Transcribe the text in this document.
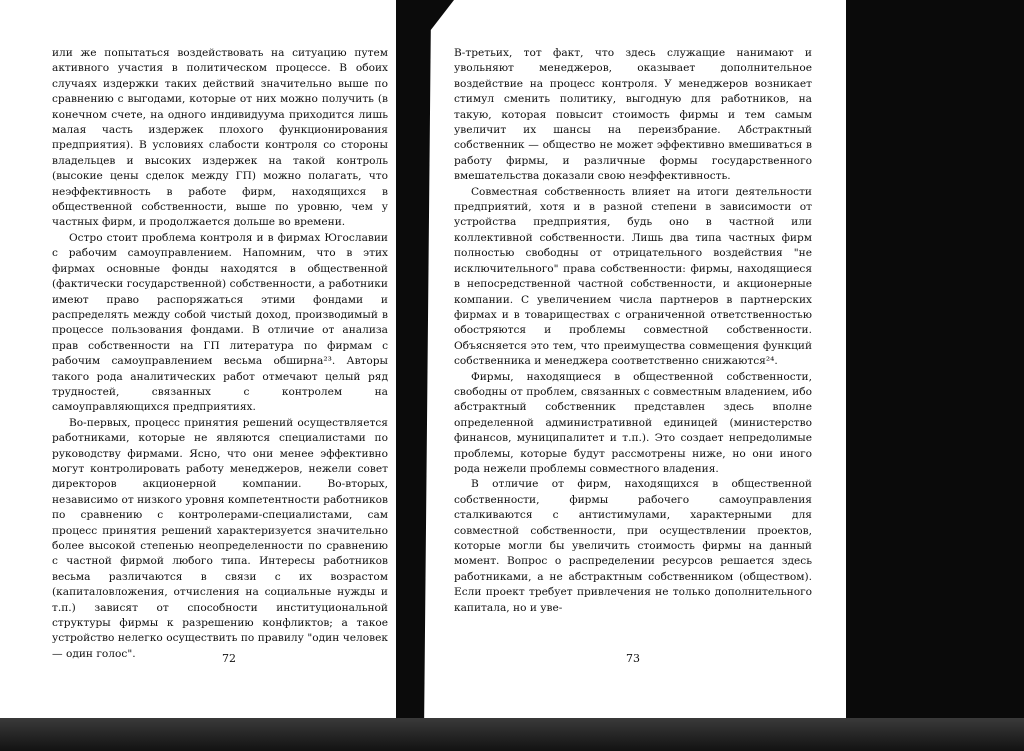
или же попытаться воздействовать на ситуацию путем активного участия в политическом процессе. В обоих случаях издержки таких действий значительно выше по сравнению с выгодами, которые от них можно получить (в конечном счете, на одного индивидуума приходится лишь малая часть издержек плохого функционирования предприятия). В условиях слабости контроля со стороны владельцев и высоких издержек на такой контроль (высокие цены сделок между ГП) можно полагать, что неэффективность в работе фирм, находящихся в общественной собственности, выше по уровню, чем у частных фирм, и продолжается дольше во времени.

Остро стоит проблема контроля и в фирмах Югославии с рабочим самоуправлением. Напомним, что в этих фирмах основные фонды находятся в общественной (фактически государственной) собственности, а работники имеют право распоряжаться этими фондами и распределять между собой чистый доход, производимый в процессе пользования фондами. В отличие от анализа прав собственности на ГП литература по фирмам с рабочим самоуправлением весьма обширна²³. Авторы такого рода аналитических работ отмечают целый ряд трудностей, связанных с контролем на самоуправляющихся предприятиях.

Во-первых, процесс принятия решений осуществляется работниками, которые не являются специалистами по руководству фирмами. Ясно, что они менее эффективно могут контролировать работу менеджеров, нежели совет директоров акционерной компании. Во-вторых, независимо от низкого уровня компетентности работников по сравнению с контролерами-специалистами, сам процесс принятия решений характеризуется значительно более высокой степенью неопределенности по сравнению с частной фирмой любого типа. Интересы работников весьма различаются в связи с их возрастом (капиталовложения, отчисления на социальные нужды и т.п.) зависят от способности институциональной структуры фирмы к разрешению конфликтов; а такое устройство нелегко осуществить по правилу "один человек — один голос".	72

В-третьих, тот факт, что здесь служащие нанимают и увольняют менеджеров, оказывает дополнительное воздействие на процесс контроля. У менеджеров возникает стимул сменить политику, выгодную для работников, на такую, которая повысит стоимость фирмы и тем самым увеличит их шансы на переизбрание. Абстрактный собственник — общество не может эффективно вмешиваться в работу фирмы, и различные формы государственного вмешательства доказали свою неэффективность.

Совместная собственность влияет на итоги деятельности предприятий, хотя и в разной степени в зависимости от устройства предприятия, будь оно в частной или коллективной собственности. Лишь два типа частных фирм полностью свободны от отрицательного воздействия "не исключительного" права собственности: фирмы, находящиеся в непосредственной частной собственности, и акционерные компании. С увеличением числа партнеров в партнерских фирмах и в товариществах с ограниченной ответственностью обостряются и проблемы совместной собственности. Объясняется это тем, что преимущества совмещения функций собственника и менеджера соответственно снижаются²⁴.

Фирмы, находящиеся в общественной собственности, свободны от проблем, связанных с совместным владением, ибо абстрактный собственник представлен здесь вполне определенной административной единицей (министерство финансов, муниципалитет и т.п.). Это создает непредолимые проблемы, которые будут рассмотрены ниже, но они иного рода нежели проблемы совместного владения.

В отличие от фирм, находящихся в общественной собственности, фирмы рабочего самоуправления сталкиваются с антистимулами, характерными для совместной собственности, при осуществлении проектов, которые могли бы увеличить стоимость фирмы на данный момент. Вопрос о распределении ресурсов решается здесь работниками, а не абстрактным собственником (обществом). Если проект требует привлечения не только дополнительного капитала, но и уве-

73
